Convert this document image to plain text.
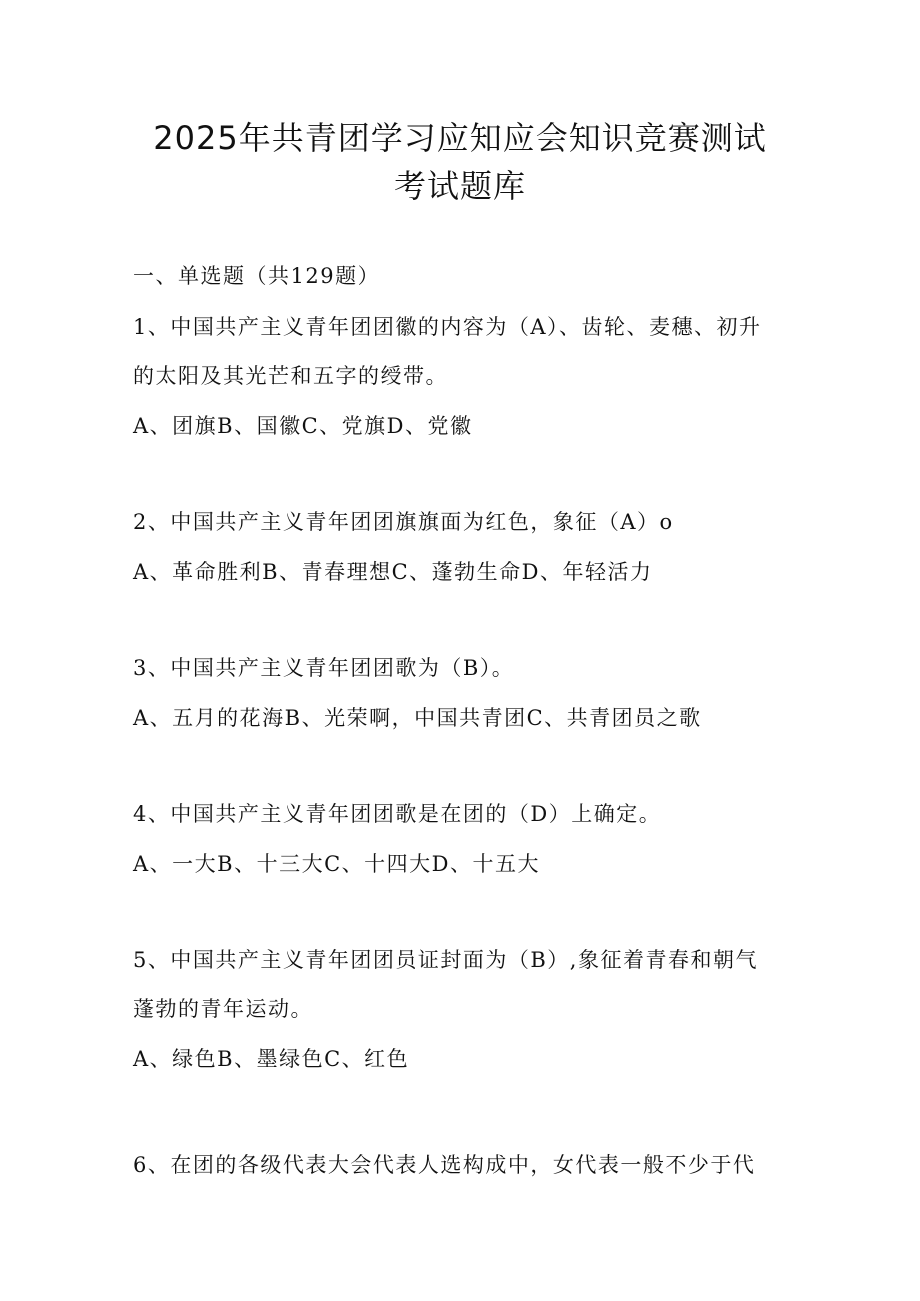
2025年共青团学习应知应会知识竞赛测试
考试题库
一、单选题（共129题）
1、中国共产主义青年团团徽的内容为（A）、齿轮、麦穗、初升
的太阳及其光芒和五字的绶带。
A、团旗B、国徽C、党旗D、党徽
2、中国共产主义青年团团旗旗面为红色，象征（A）o
A、革命胜利B、青春理想C、蓬勃生命D、年轻活力
3、中国共产主义青年团团歌为（B）。
A、五月的花海B、光荣啊，中国共青团C、共青团员之歌
4、中国共产主义青年团团歌是在团的（D）上确定。
A、一大B、十三大C、十四大D、十五大
5、中国共产主义青年团团员证封面为（B）,象征着青春和朝气
蓬勃的青年运动。
A、绿色B、墨绿色C、红色
6、在团的各级代表大会代表人选构成中，女代表一般不少于代
